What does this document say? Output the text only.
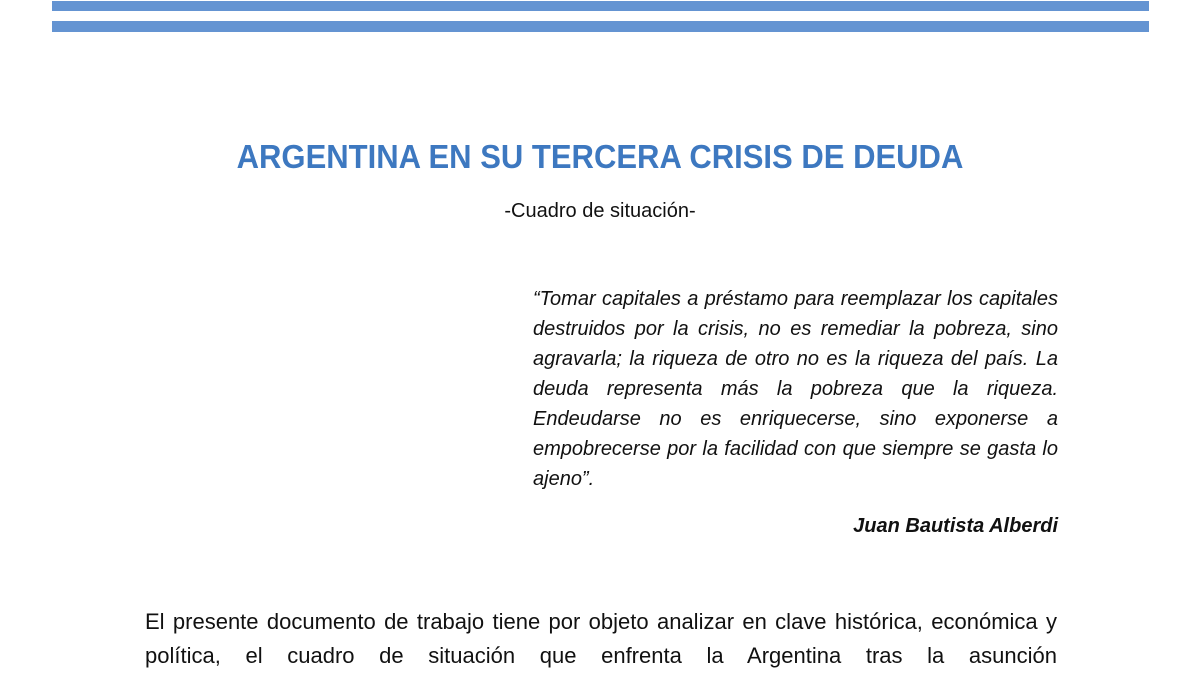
ARGENTINA EN SU TERCERA CRISIS DE DEUDA

-Cuadro de situación-

“Tomar capitales a préstamo para reemplazar los capitales destruidos por la crisis, no es remediar la pobreza, sino agravarla; la riqueza de otro no es la riqueza del país. La deuda representa más la pobreza que la riqueza. Endeudarse no es enriquecerse, sino exponerse a empobrecerse por la facilidad con que siempre se gasta lo ajeno”.

Juan Bautista Alberdi

El presente documento de trabajo tiene por objeto analizar en clave histórica, económica y política, el cuadro de situación que enfrenta la Argentina tras la asunción
